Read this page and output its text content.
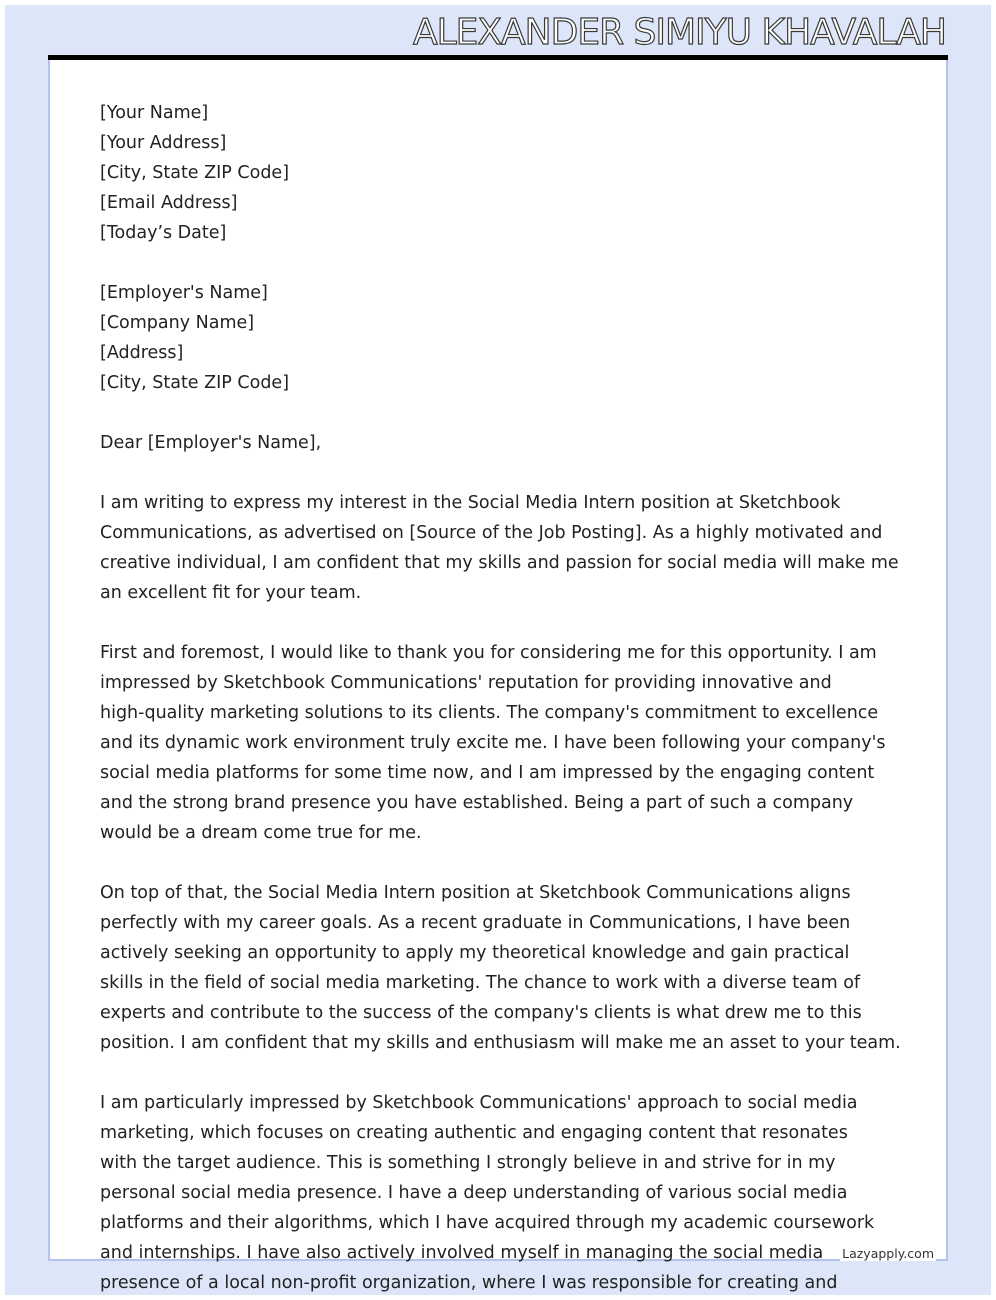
ALEXANDER SIMIYU KHAVALAH
[Your Name]
[Your Address]
[City, State ZIP Code]
[Email Address]
[Today’s Date]
[Employer's Name]
[Company Name]
[Address]
[City, State ZIP Code]
Dear [Employer's Name],
I am writing to express my interest in the Social Media Intern position at Sketchbook
Communications, as advertised on [Source of the Job Posting]. As a highly motivated and
creative individual, I am confident that my skills and passion for social media will make me
an excellent fit for your team.
First and foremost, I would like to thank you for considering me for this opportunity. I am
impressed by Sketchbook Communications' reputation for providing innovative and
high-quality marketing solutions to its clients. The company's commitment to excellence
and its dynamic work environment truly excite me. I have been following your company's
social media platforms for some time now, and I am impressed by the engaging content
and the strong brand presence you have established. Being a part of such a company
would be a dream come true for me.
On top of that, the Social Media Intern position at Sketchbook Communications aligns
perfectly with my career goals. As a recent graduate in Communications, I have been
actively seeking an opportunity to apply my theoretical knowledge and gain practical
skills in the field of social media marketing. The chance to work with a diverse team of
experts and contribute to the success of the company's clients is what drew me to this
position. I am confident that my skills and enthusiasm will make me an asset to your team.
I am particularly impressed by Sketchbook Communications' approach to social media
marketing, which focuses on creating authentic and engaging content that resonates
with the target audience. This is something I strongly believe in and strive for in my
personal social media presence. I have a deep understanding of various social media
platforms and their algorithms, which I have acquired through my academic coursework
and internships. I have also actively involved myself in managing the social media
presence of a local non-profit organization, where I was responsible for creating and
Lazyapply.com
